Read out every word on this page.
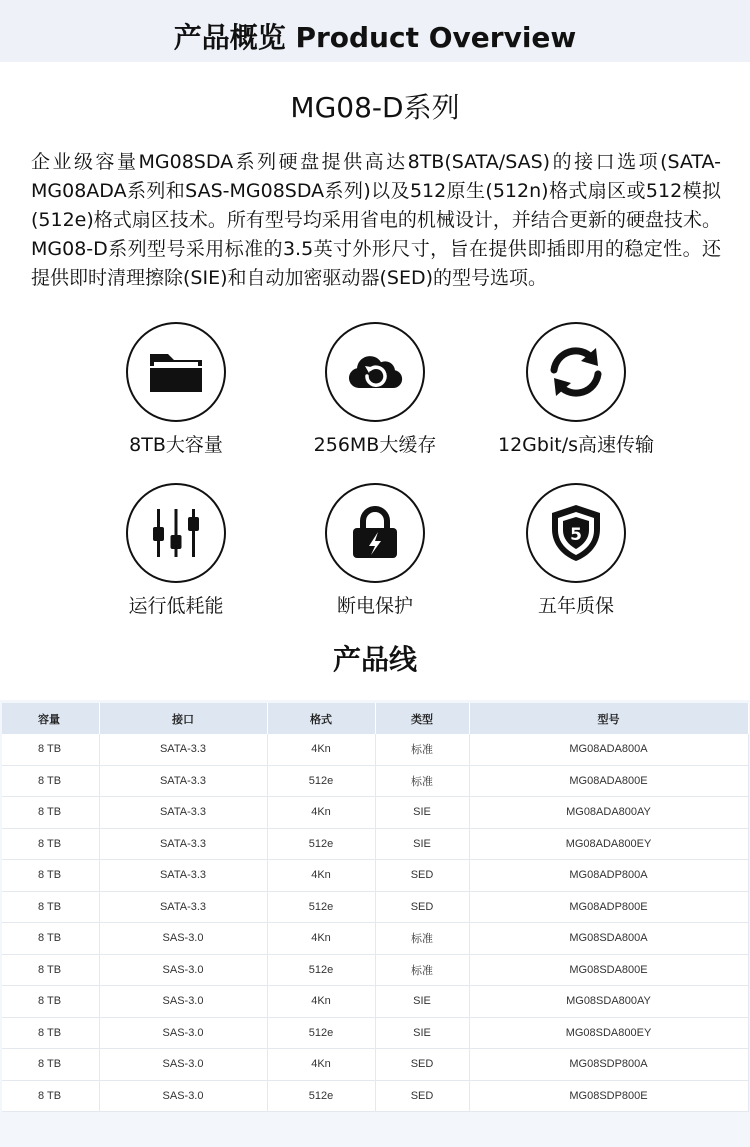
产品概览 Product Overview
MG08-D系列

企业级容量MG08SDA系列硬盘提供高达8TB(SATA/SAS)的接口选项(SATA-MG08ADA系列和SAS-MG08SDA系列)以及512原生(512n)格式扇区或512模拟(512e)格式扇区技术。所有型号均采用省电的机械设计，并结合更新的硬盘技术。MG08-D系列型号采用标准的3.5英寸外形尺寸，旨在提供即插即用的稳定性。还提供即时清理擦除(SIE)和自动加密驱动器(SED)的型号选项。

8TB大容量	256MB大缓存	12Gbit/s高速传输
运行低耗能	断电保护
5
五年质保
产品线
容量	接口	格式	类型	型号
8 TB	SATA-3.3	4Kn	标准	MG08ADA800A
8 TB	SATA-3.3	512e	标准	MG08ADA800E
8 TB	SATA-3.3	4Kn	SIE	MG08ADA800AY
8 TB	SATA-3.3	512e	SIE	MG08ADA800EY
8 TB	SATA-3.3	4Kn	SED	MG08ADP800A
8 TB	SATA-3.3	512e	SED	MG08ADP800E
8 TB	SAS-3.0	4Kn	标准	MG08SDA800A
8 TB	SAS-3.0	512e	标准	MG08SDA800E
8 TB	SAS-3.0	4Kn	SIE	MG08SDA800AY
8 TB	SAS-3.0	512e	SIE	MG08SDA800EY
8 TB	SAS-3.0	4Kn	SED	MG08SDP800A
8 TB	SAS-3.0	512e	SED	MG08SDP800E
